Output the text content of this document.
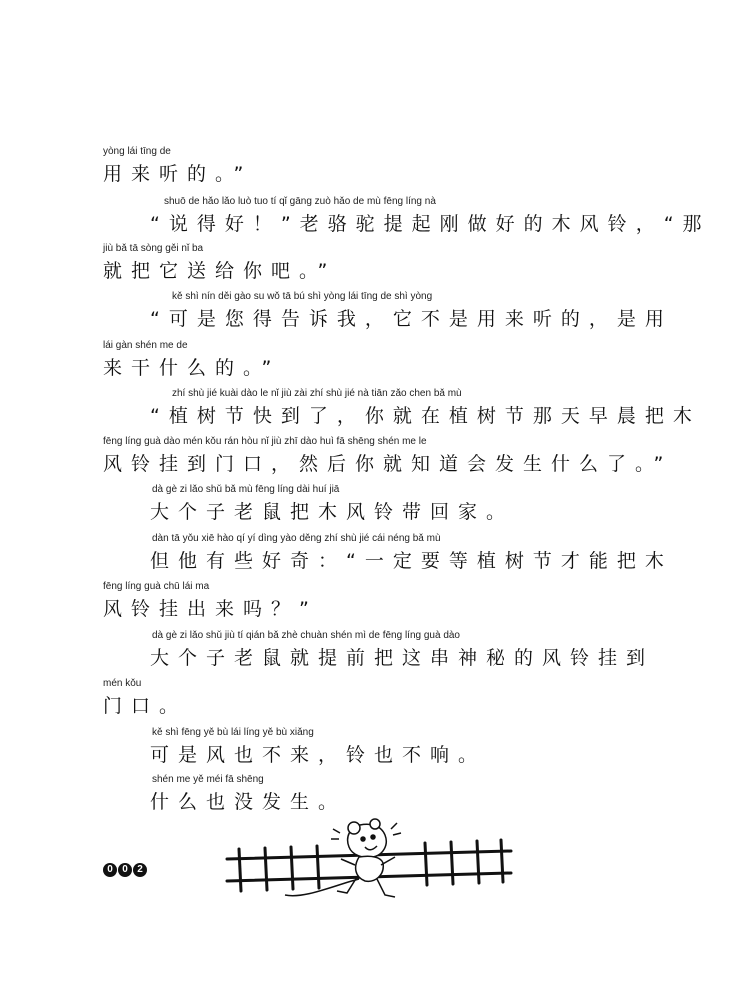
yòng lái tīng de
用来听的。”
shuō de hǎo lǎo luò tuo tí qǐ gāng zuò hǎo de mù fēng líng nà
“说得好！”老骆驼提起刚做好的木风铃，“那
jiù bǎ tā sòng gěi nǐ ba
就把它送给你吧。”
kě shì nín děi gào su wǒ tā bú shì yòng lái tīng de shì yòng
“可是您得告诉我，它不是用来听的，是用
lái gàn shén me de
来干什么的。”
zhí shù jié kuài dào le nǐ jiù zài zhí shù jié nà tiān zǎo chen bǎ mù
“植树节快到了，你就在植树节那天早晨把木
fēng líng guà dào mén kǒu rán hòu nǐ jiù zhī dào huì fā shēng shén me le
风铃挂到门口，然后你就知道会发生什么了。”
dà gè zi lǎo shǔ bǎ mù fēng líng dài huí jiā
大个子老鼠把木风铃带回家。
dàn tā yǒu xiē hào qí yí dìng yào děng zhí shù jié cái néng bǎ mù
但他有些好奇：“一定要等植树节才能把木
fēng líng guà chū lái ma
风铃挂出来吗？”
dà gè zi lǎo shǔ jiù tí qián bǎ zhè chuàn shén mì de fēng líng guà dào
大个子老鼠就提前把这串神秘的风铃挂到
mén kǒu
门口。
kě shì fēng yě bù lái líng yě bù xiǎng
可是风也不来，铃也不响。
shén me yě méi fā shēng
什么也没发生。
0 0 2
